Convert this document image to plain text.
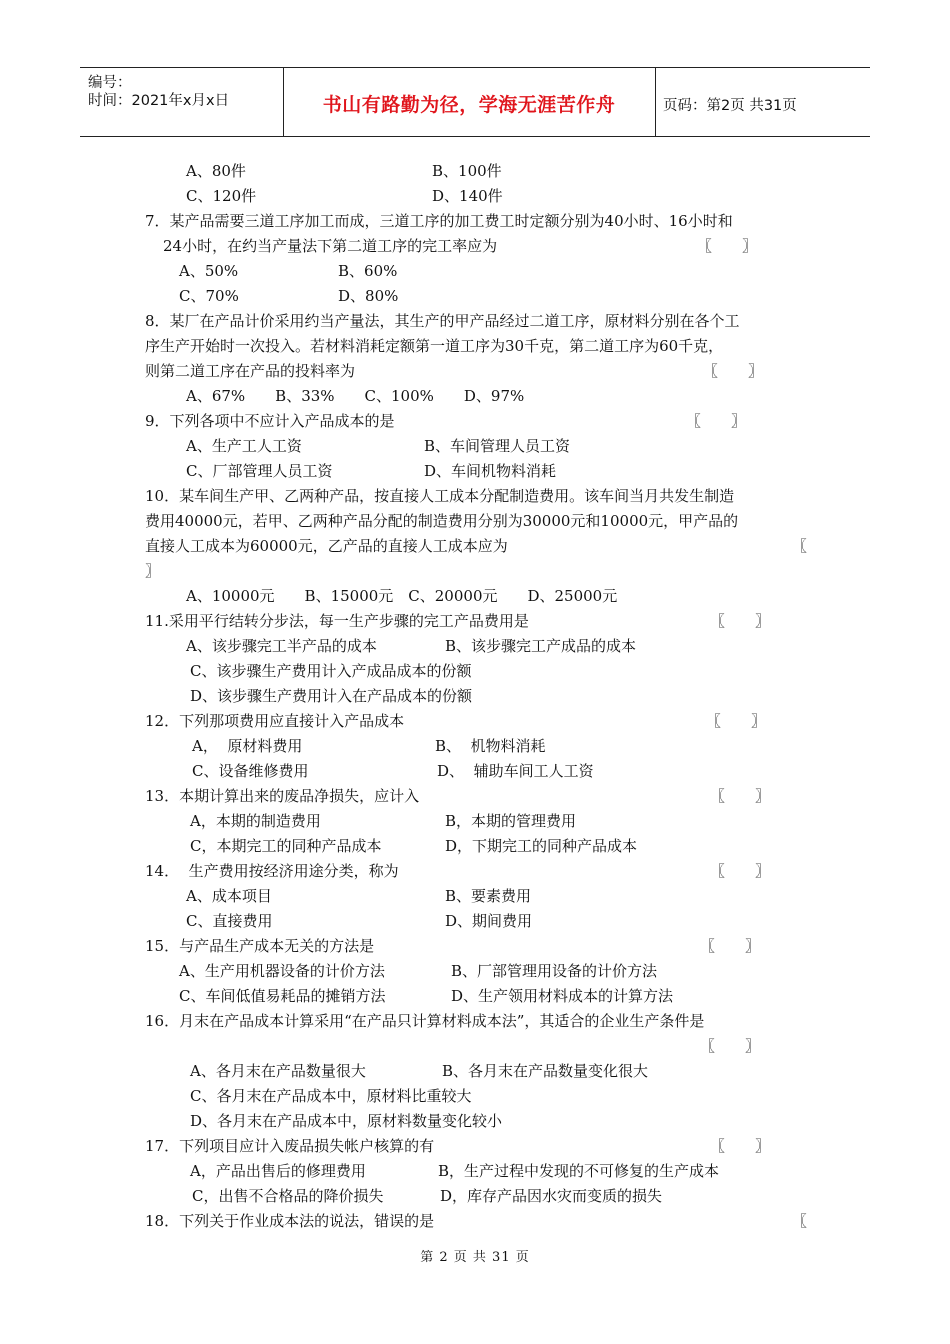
编号：
时间：2021年x月x日	书山有路勤为径，学海无涯苦作舟	页码：第2页 共31页
A、80件	B、100件
C、120件	D、140件
7．某产品需要三道工序加工而成，三道工序的加工费工时定额分别为40小时、16小时和
24小时，在约当产量法下第二道工序的完工率应为	〖　　〗
A、50%	B、60%
C、70%	D、80%
8．某厂在产品计价采用约当产量法，其生产的甲产品经过二道工序，原材料分别在各个工
序生产开始时一次投入。若材料消耗定额第一道工序为30千克，第二道工序为60千克，
则第二道工序在产品的投料率为	〖　　〗
A、67%　　B、33%　　C、100%　　D、97%
9．下列各项中不应计入产品成本的是	〖　　〗
A、生产工人工资	B、车间管理人员工资
C、厂部管理人员工资	D、车间机物料消耗
10．某车间生产甲、乙两种产品，按直接人工成本分配制造费用。该车间当月共发生制造
费用40000元，若甲、乙两种产品分配的制造费用分别为30000元和10000元，甲产品的
直接人工成本为60000元，乙产品的直接人工成本应为	〖
〗
A、10000元　　B、15000元　C、20000元　　D、25000元
11.采用平行结转分步法，每一生产步骤的完工产品费用是	〖　　〗
A、该步骤完工半产品的成本	B、该步骤完工产成品的成本
C、该步骤生产费用计入产成品成本的份额
D、该步骤生产费用计入在产品成本的份额
12．下列那项费用应直接计入产品成本	〖　　〗
A，  原材料费用	B、  机物料消耗
C、设备维修费用	D、  辅助车间工人工资
13．本期计算出来的废品净损失，应计入	〖　　〗
A，本期的制造费用	B，本期的管理费用
C，本期完工的同种产品成本	D，下期完工的同种产品成本
14．  生产费用按经济用途分类，称为	〖　　〗
A、成本项目	B、要素费用
C、直接费用	D、期间费用
15．与产品生产成本无关的方法是	〖　　〗
A、生产用机器设备的计价方法	B、厂部管理用设备的计价方法
C、车间低值易耗品的摊销方法	D、生产领用材料成本的计算方法
16．月末在产品成本计算采用“在产品只计算材料成本法”，其适合的企业生产条件是
〖　　〗
A、各月末在产品数量很大	B、各月末在产品数量变化很大
C、各月末在产品成本中，原材料比重较大
D、各月末在产品成本中，原材料数量变化较小
17．下列项目应计入废品损失帐户核算的有	〖　　〗
A，产品出售后的修理费用	B，生产过程中发现的不可修复的生产成本
C，出售不合格品的降价损失	D，库存产品因水灾而变质的损失
18．下列关于作业成本法的说法，错误的是	〖
第 2 页 共 31 页
